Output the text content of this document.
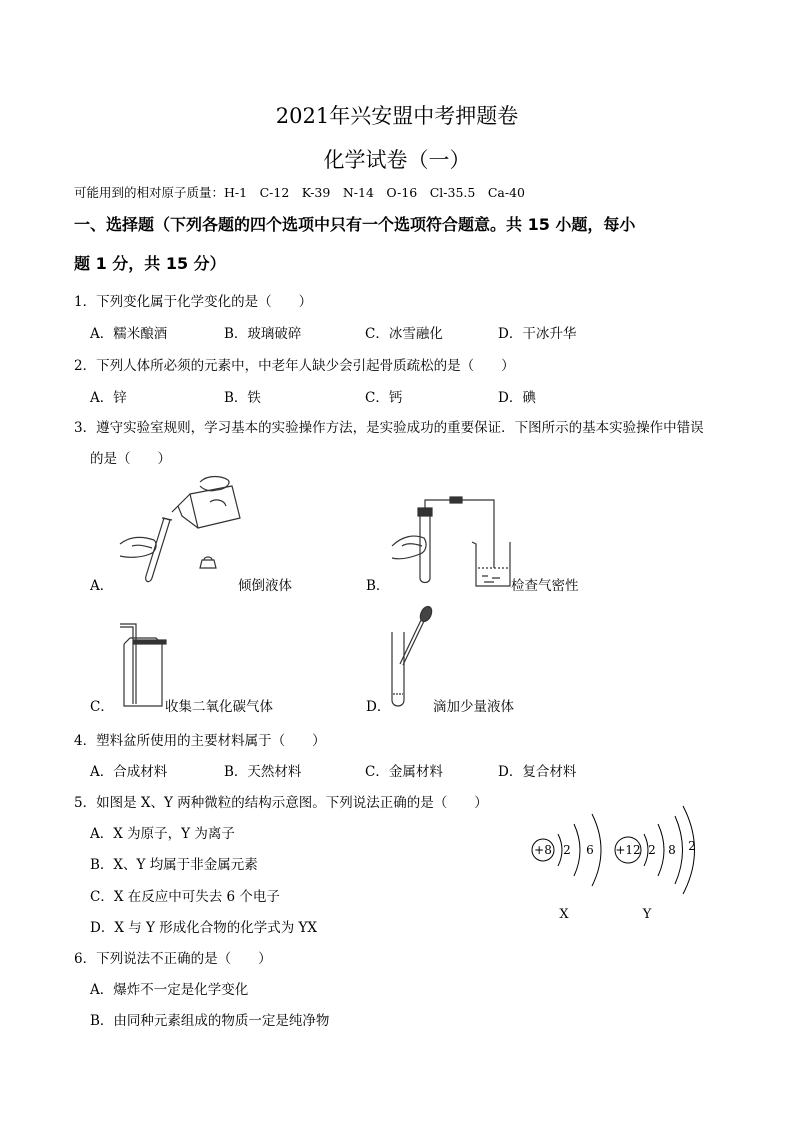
2021年兴安盟中考押题卷
化学试卷（一）
可能用到的相对原子质量：H-1　C-12　K-39　N-14　O-16　Cl-35.5　Ca-40
一、选择题（下列各题的四个选项中只有一个选项符合题意。共 15 小题，每小
题 1 分，共 15 分）
1．下列变化属于化学变化的是（　　）
A．糯米酿酒	B．玻璃破碎	C．冰雪融化	D．干冰升华
2．下列人体所必须的元素中，中老年人缺少会引起骨质疏松的是（　　）
A．锌	B．铁	C．钙	D．碘
3．遵守实验室规则，学习基本的实验操作方法，是实验成功的重要保证．下图所示的基本实验操作中错误
的是（　　）
A．	倾倒液体	B．	检查气密性
C．	收集二氧化碳气体	D．	滴加少量液体
4．塑料盆所使用的主要材料属于（　　）
A．合成材料	B．天然材料	C．金属材料	D．复合材料
5．如图是 X、Y 两种微粒的结构示意图。下列说法正确的是（　　）
A．X 为原子，Y 为离子
B．X、Y 均属于非金属元素
C．X 在反应中可失去 6 个电子
D．X 与 Y 形成化合物的化学式为 YX
+8 2 6
X
+12 2 8 2
Y
6．下列说法不正确的是（　　）
A．爆炸不一定是化学变化
B．由同种元素组成的物质一定是纯净物
